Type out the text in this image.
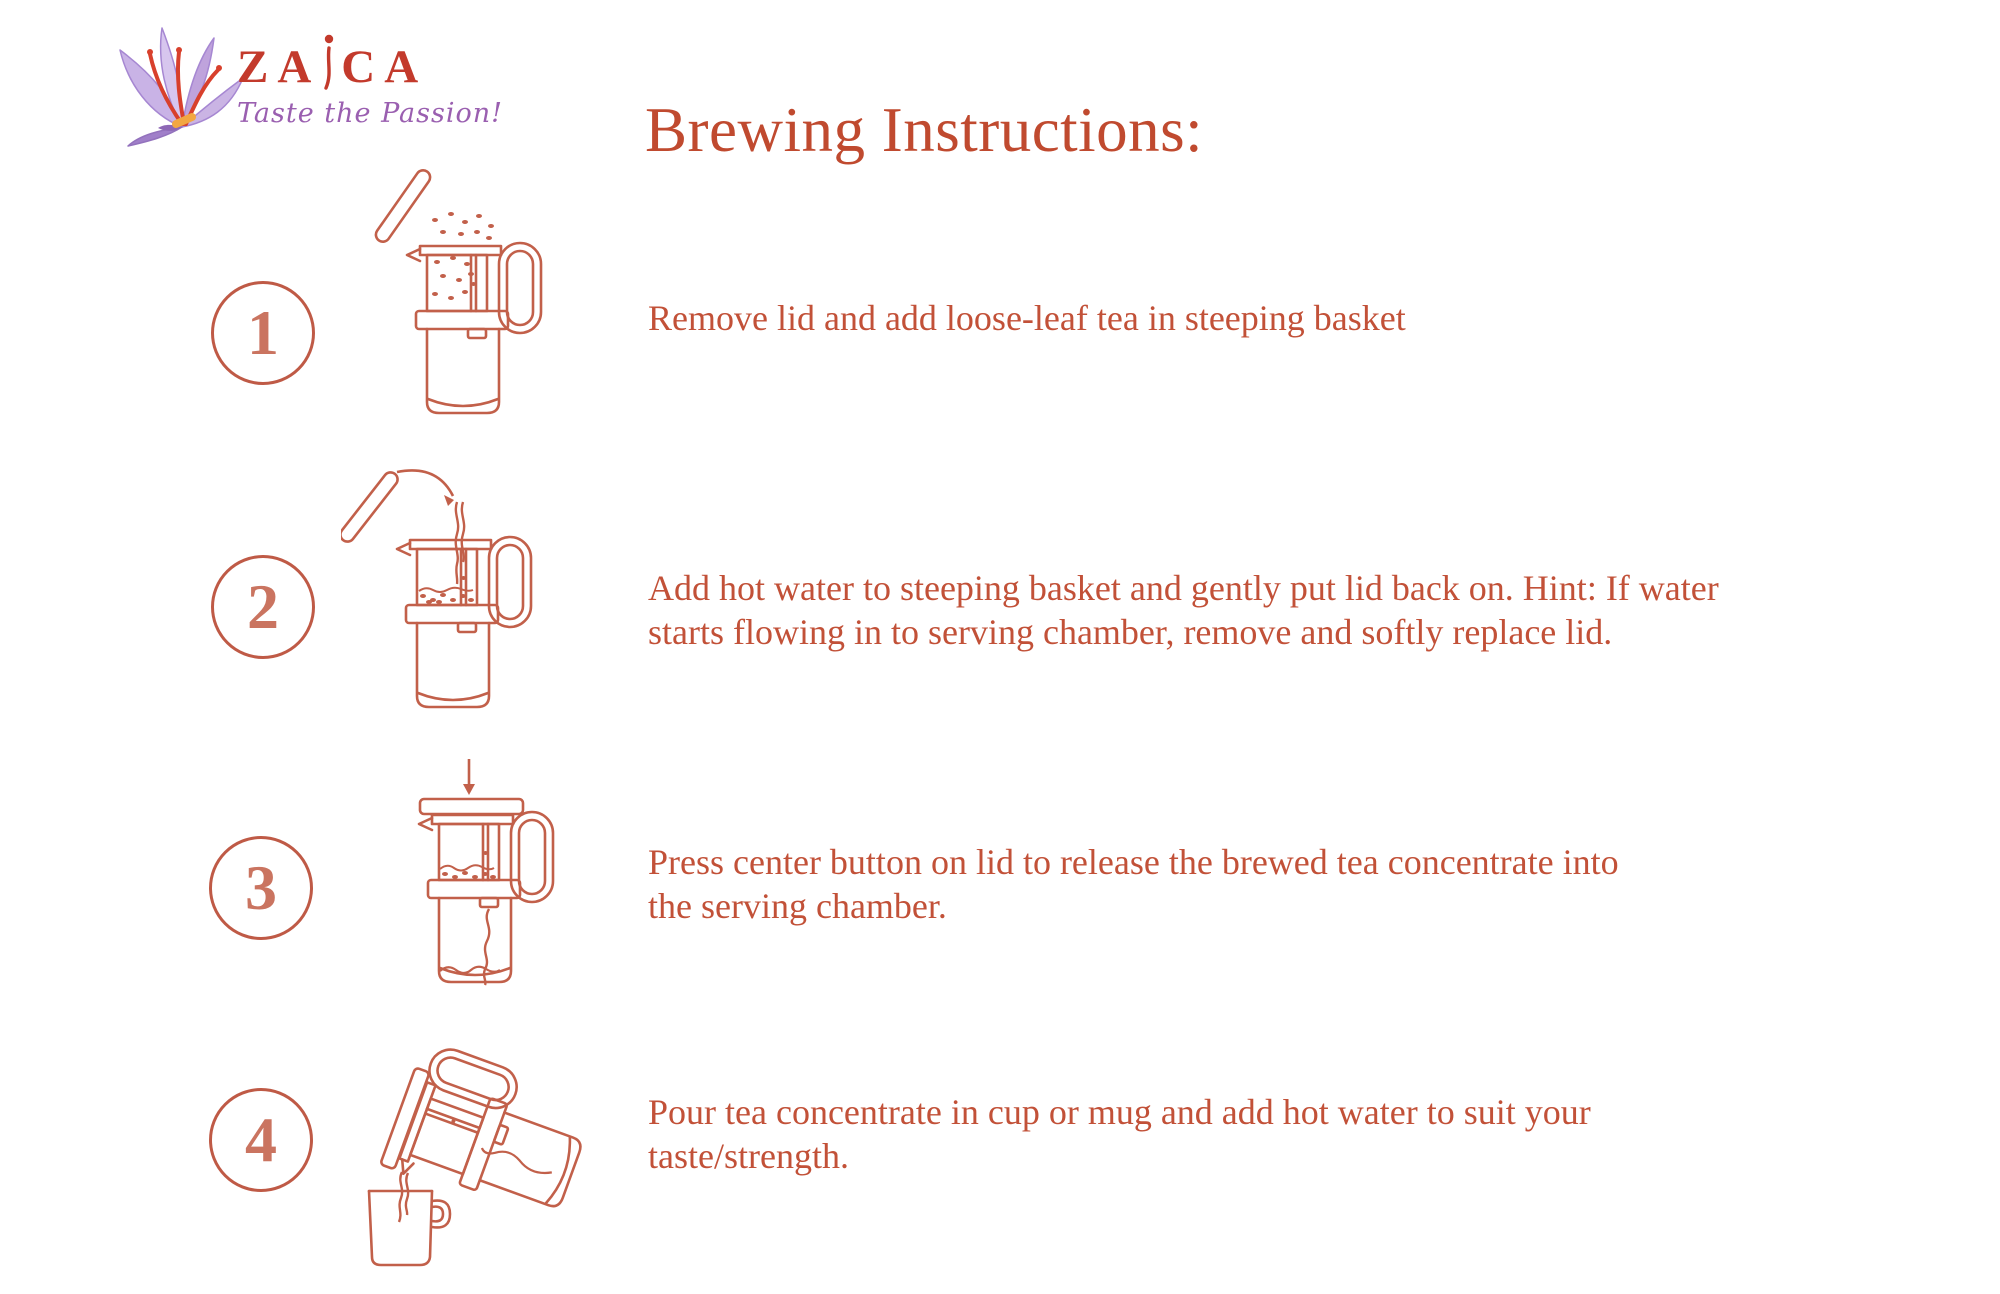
ZA CA
Taste the Passion! Brewing Instructions:
1	Remove lid and add loose-leaf tea in steeping basket
2	Add hot water to steeping basket and gently put lid back on. Hint: If water
starts flowing in to serving chamber, remove and softly replace lid.
3	Press center button on lid to release the brewed tea concentrate into
the serving chamber.
4	Pour tea concentrate in cup or mug and add hot water to suit your
taste/strength.
